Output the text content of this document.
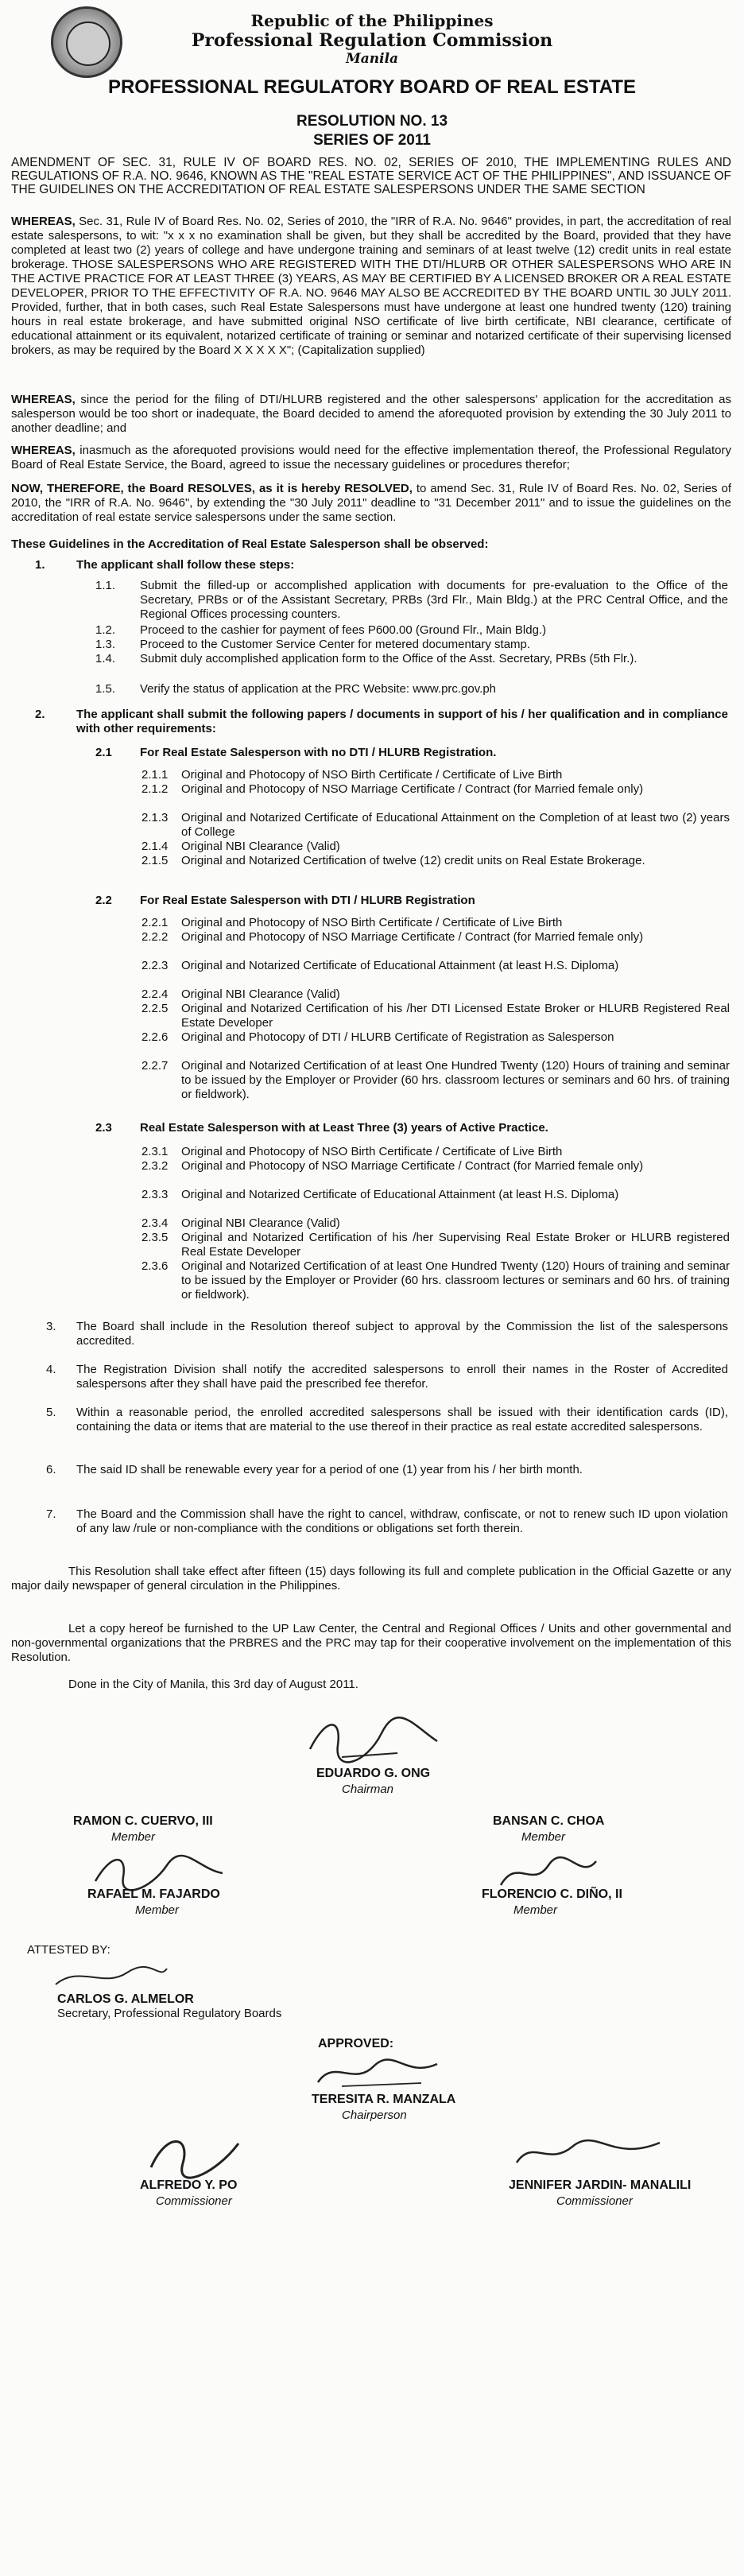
Republic of the Philippines
Professional Regulation Commission
Manila
PROFESSIONAL REGULATORY BOARD OF REAL ESTATE
RESOLUTION NO. 13
SERIES OF 2011
AMENDMENT OF SEC. 31, RULE IV OF BOARD RES. NO. 02, SERIES OF 2010, THE IMPLEMENTING RULES AND REGULATIONS OF R.A. NO. 9646, KNOWN AS THE "REAL ESTATE SERVICE ACT OF THE PHILIPPINES", AND ISSUANCE OF THE GUIDELINES ON THE ACCREDITATION OF REAL ESTATE SALESPERSONS UNDER THE SAME SECTION
WHEREAS, Sec. 31, Rule IV of Board Res. No. 02, Series of 2010, the "IRR of R.A. No. 9646" provides, in part, the accreditation of real estate salespersons, to wit: "x x x no examination shall be given, but they shall be accredited by the Board, provided that they have completed at least two (2) years of college and have undergone training and seminars of at least twelve (12) credit units in real estate brokerage. THOSE SALESPERSONS WHO ARE REGISTERED WITH THE DTI/HLURB OR OTHER SALESPERSONS WHO ARE IN THE ACTIVE PRACTICE FOR AT LEAST THREE (3) YEARS, AS MAY BE CERTIFIED BY A LICENSED BROKER OR A REAL ESTATE DEVELOPER, PRIOR TO THE EFFECTIVITY OF R.A. NO. 9646 MAY ALSO BE ACCREDITED BY THE BOARD UNTIL 30 JULY 2011. Provided, further, that in both cases, such Real Estate Salespersons must have undergone at least one hundred twenty (120) training hours in real estate brokerage, and have submitted original NSO certificate of live birth certificate, NBI clearance, certificate of educational attainment or its equivalent, notarized certificate of training or seminar and notarized certificate of their supervising licensed brokers, as may be required by the Board X X X X X"; (Capitalization supplied)
WHEREAS, since the period for the filing of DTI/HLURB registered and the other salespersons' application for the accreditation as salesperson would be too short or inadequate, the Board decided to amend the aforequoted provision by extending the 30 July 2011 to another deadline; and
WHEREAS, inasmuch as the aforequoted provisions would need for the effective implementation thereof, the Professional Regulatory Board of Real Estate Service, the Board, agreed to issue the necessary guidelines or procedures therefor;
NOW, THEREFORE, the Board RESOLVES, as it is hereby RESOLVED, to amend Sec. 31, Rule IV of Board Res. No. 02, Series of 2010, the "IRR of R.A. No. 9646", by extending the "30 July 2011" deadline to "31 December 2011" and to issue the guidelines on the accreditation of real estate service salespersons under the same section.
These Guidelines in the Accreditation of Real Estate Salesperson shall be observed:
1.	The applicant shall follow these steps:
1.1. Submit the filled-up or accomplished application with documents for pre-evaluation to the Office of the Secretary, PRBs or of the Assistant Secretary, PRBs (3rd Flr., Main Bldg.) at the PRC Central Office, and the Regional Offices processing counters.
1.2. Proceed to the cashier for payment of fees P600.00 (Ground Flr., Main Bldg.)
1.3. Proceed to the Customer Service Center for metered documentary stamp.
1.4. Submit duly accomplished application form to the Office of the Asst. Secretary, PRBs (5th Flr.).
1.5. Verify the status of application at the PRC Website: www.prc.gov.ph
2.	The applicant shall submit the following papers / documents in support of his / her qualification and in compliance with other requirements:
2.1 For Real Estate Salesperson with no DTI / HLURB Registration.
2.1.1 Original and Photocopy of NSO Birth Certificate / Certificate of Live Birth
2.1.2 Original and Photocopy of NSO Marriage Certificate / Contract (for Married female only)
2.1.3 Original and Notarized Certificate of Educational Attainment on the Completion of at least two (2) years of College
2.1.4 Original NBI Clearance (Valid)
2.1.5 Original and Notarized Certification of twelve (12) credit units on Real Estate Brokerage.
2.2 For Real Estate Salesperson with DTI / HLURB Registration
2.2.1 Original and Photocopy of NSO Birth Certificate / Certificate of Live Birth
2.2.2 Original and Photocopy of NSO Marriage Certificate / Contract (for Married female only)
2.2.3 Original and Notarized Certificate of Educational Attainment (at least H.S. Diploma)
2.2.4 Original NBI Clearance (Valid)
2.2.5 Original and Notarized Certification of his /her DTI Licensed Estate Broker or HLURB Registered Real Estate Developer
2.2.6 Original and Photocopy of DTI / HLURB Certificate of Registration as Salesperson
2.2.7 Original and Notarized Certification of at least One Hundred Twenty (120) Hours of training and seminar to be issued by the Employer or Provider (60 hrs. classroom lectures or seminars and 60 hrs. of training or fieldwork).
2.3 Real Estate Salesperson with at Least Three (3) years of Active Practice.
2.3.1 Original and Photocopy of NSO Birth Certificate / Certificate of Live Birth
2.3.2 Original and Photocopy of NSO Marriage Certificate / Contract (for Married female only)
2.3.3 Original and Notarized Certificate of Educational Attainment (at least H.S. Diploma)
2.3.4 Original NBI Clearance (Valid)
2.3.5 Original and Notarized Certification of his /her Supervising Real Estate Broker or HLURB registered Real Estate Developer
2.3.6 Original and Notarized Certification of at least One Hundred Twenty (120) Hours of training and seminar to be issued by the Employer or Provider (60 hrs. classroom lectures or seminars and 60 hrs. of training or fieldwork).
3. The Board shall include in the Resolution thereof subject to approval by the Commission the list of the salespersons accredited.
4. The Registration Division shall notify the accredited salespersons to enroll their names in the Roster of Accredited salespersons after they shall have paid the prescribed fee therefor.
5. Within a reasonable period, the enrolled accredited salespersons shall be issued with their identification cards (ID), containing the data or items that are material to the use thereof in their practice as real estate accredited salespersons.
6. The said ID shall be renewable every year for a period of one (1) year from his / her birth month.
7. The Board and the Commission shall have the right to cancel, withdraw, confiscate, or not to renew such ID upon violation of any law /rule or non-compliance with the conditions or obligations set forth therein.
This Resolution shall take effect after fifteen (15) days following its full and complete publication in the Official Gazette or any major daily newspaper of general circulation in the Philippines.
Let a copy hereof be furnished to the UP Law Center, the Central and Regional Offices / Units and other governmental and non-governmental organizations that the PRBRES and the PRC may tap for their cooperative involvement on the implementation of this Resolution.
Done in the City of Manila, this 3rd day of August 2011.
EDUARDO G. ONG
Chairman
RAMON C. CUERVO, III
Member
BANSAN C. CHOA
Member
RAFAEL M. FAJARDO
Member
FLORENCIO C. DIÑO, II
Member
ATTESTED BY:
CARLOS G. ALMELOR
Secretary, Professional Regulatory Boards
APPROVED:
TERESITA R. MANZALA
Chairperson
ALFREDO Y. PO
Commissioner
JENNIFER JARDIN- MANALILI
Commissioner
